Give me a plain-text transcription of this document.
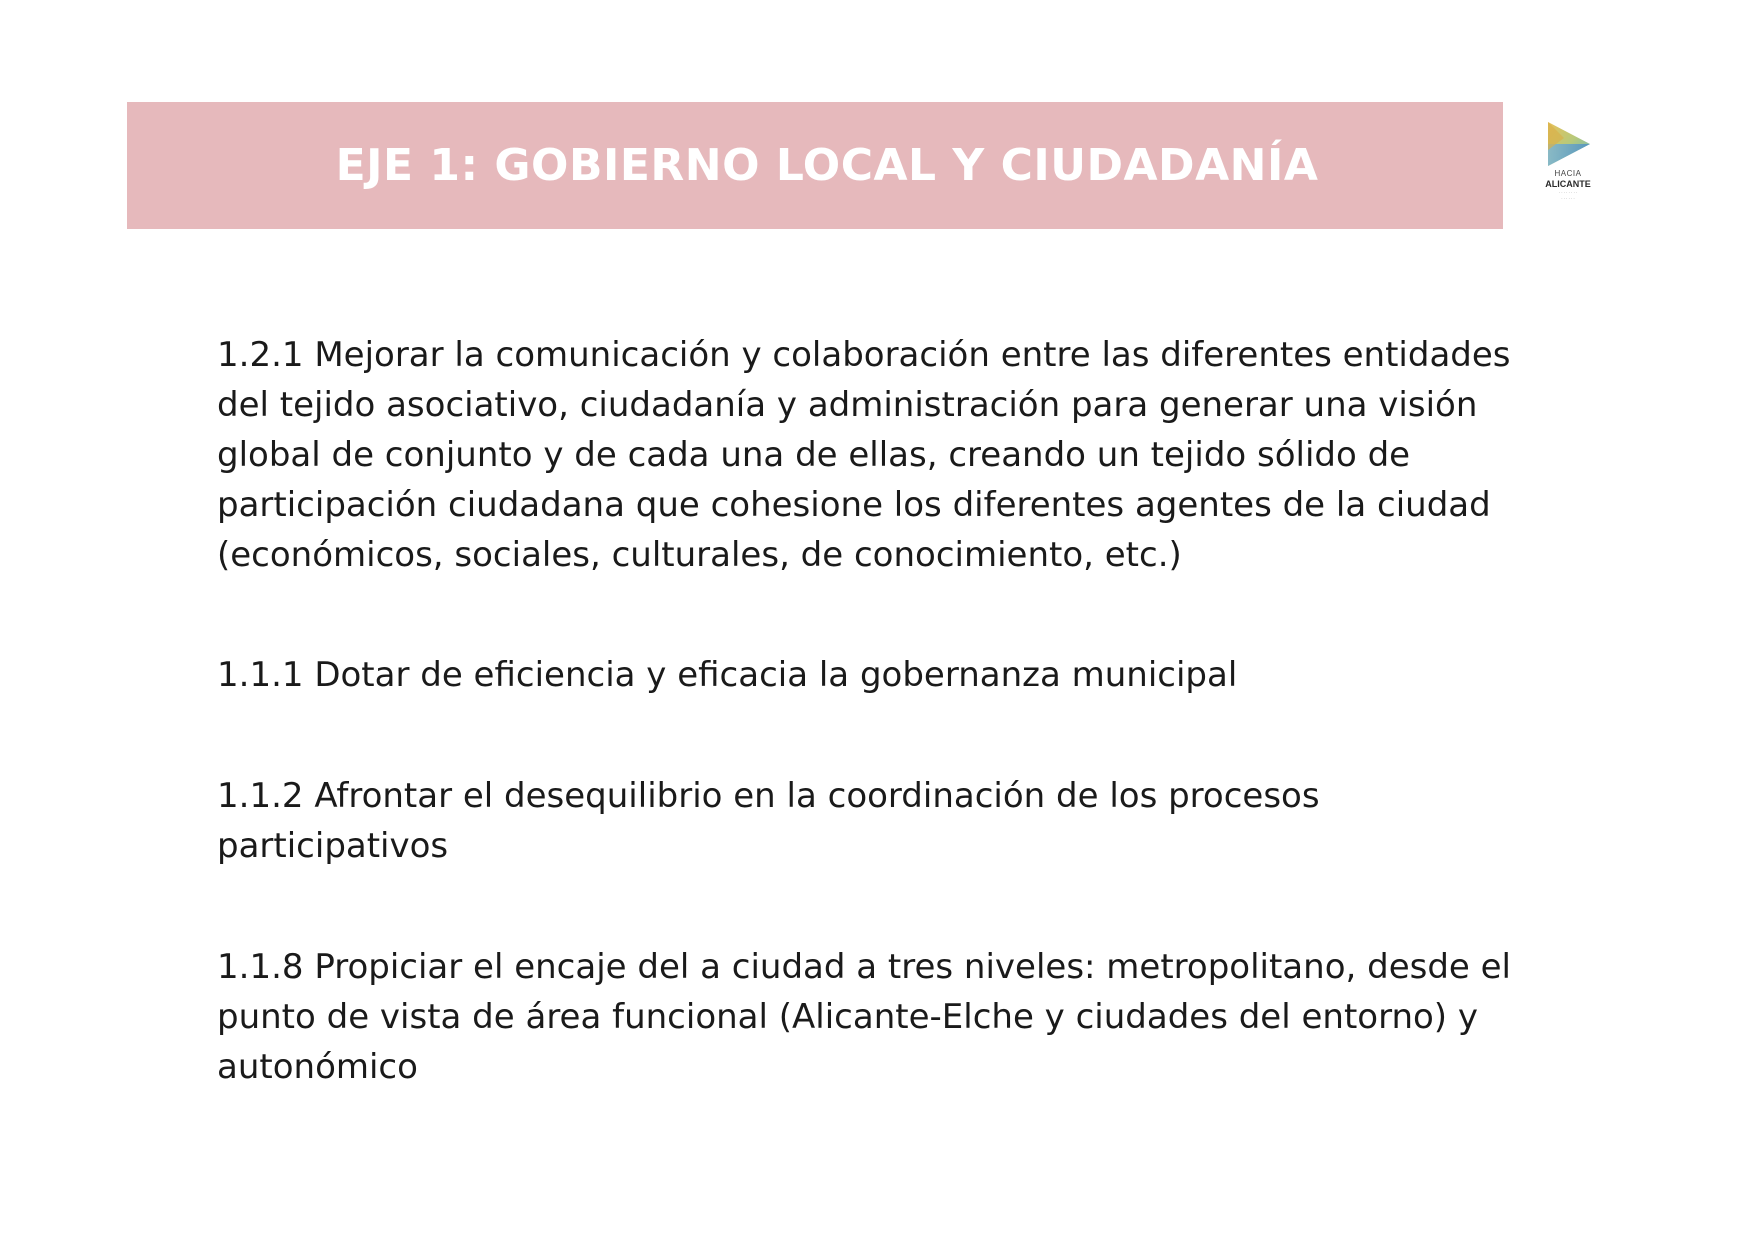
EJE 1: GOBIERNO LOCAL Y CIUDADANÍA	HACIA
ALICANTE
· · · · · · · ·
· · · · · ·

1.2.1 Mejorar la comunicación y colaboración entre las diferentes entidades del tejido asociativo, ciudadanía y administración para generar una visión global de conjunto y de cada una de ellas, creando un tejido sólido de participación ciudadana que cohesione los diferentes agentes de la ciudad (económicos, sociales, culturales, de conocimiento, etc.)

1.1.1 Dotar de eficiencia y eficacia la gobernanza municipal

1.1.2 Afrontar el desequilibrio en la coordinación de los procesos participativos

1.1.8 Propiciar el encaje del a ciudad a tres niveles: metropolitano, desde el punto de vista de área funcional (Alicante-Elche y ciudades del entorno) y autonómico
